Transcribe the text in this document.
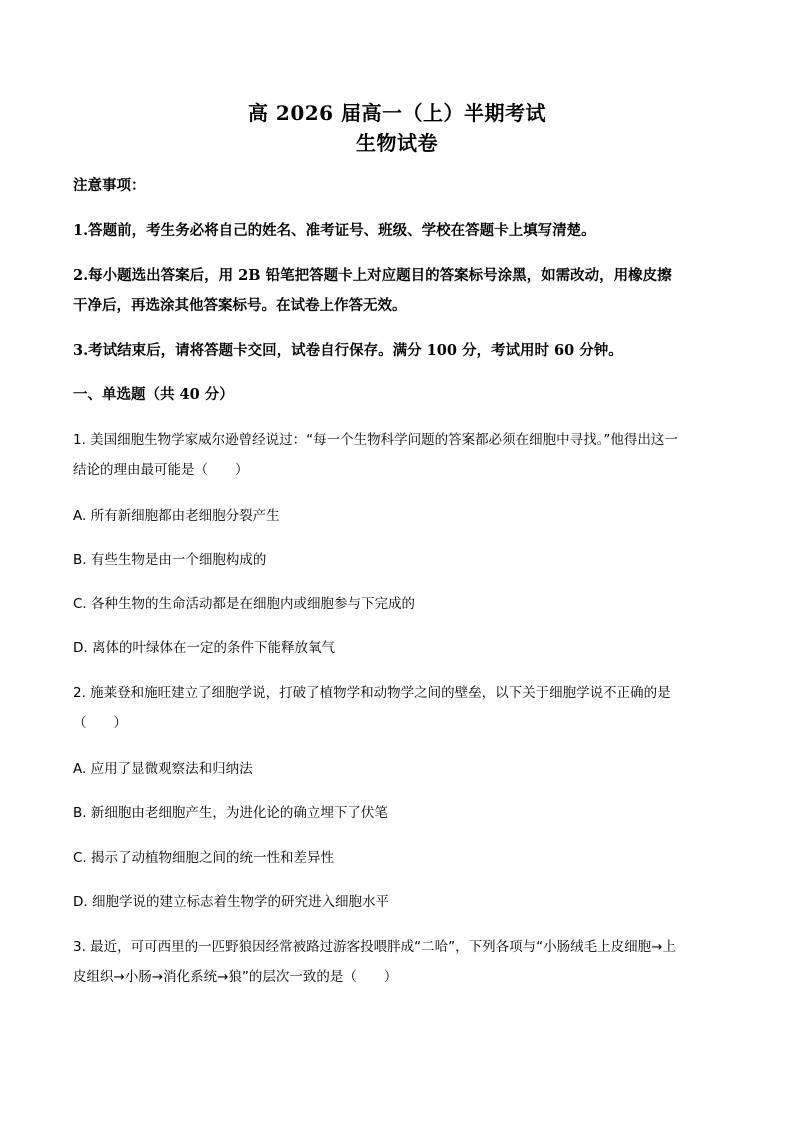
高 2026 届高一（上）半期考试
生物试卷
注意事项：
1.答题前，考生务必将自己的姓名、准考证号、班级、学校在答题卡上填写清楚。
2.每小题选出答案后，用 2B 铅笔把答题卡上对应题目的答案标号涂黑，如需改动，用橡皮擦
干净后，再选涂其他答案标号。在试卷上作答无效。
3.考试结束后，请将答题卡交回，试卷自行保存。满分 100 分，考试用时 60 分钟。
一、单选题（共 40 分）
1. 美国细胞生物学家威尔逊曾经说过：“每一个生物科学问题的答案都必须在细胞中寻找。”他得出这一
结论的理由最可能是（　　）
A. 所有新细胞都由老细胞分裂产生
B. 有些生物是由一个细胞构成的
C. 各种生物的生命活动都是在细胞内或细胞参与下完成的
D. 离体的叶绿体在一定的条件下能释放氧气
2. 施莱登和施旺建立了细胞学说，打破了植物学和动物学之间的壁垒，以下关于细胞学说不正确的是
（　　）
A. 应用了显微观察法和归纳法
B. 新细胞由老细胞产生，为进化论的确立埋下了伏笔
C. 揭示了动植物细胞之间的统一性和差异性
D. 细胞学说的建立标志着生物学的研究进入细胞水平
3. 最近，可可西里的一匹野狼因经常被路过游客投喂胖成“二哈”，下列各项与“小肠绒毛上皮细胞→上
皮组织→小肠→消化系统→狼”的层次一致的是（　　）
